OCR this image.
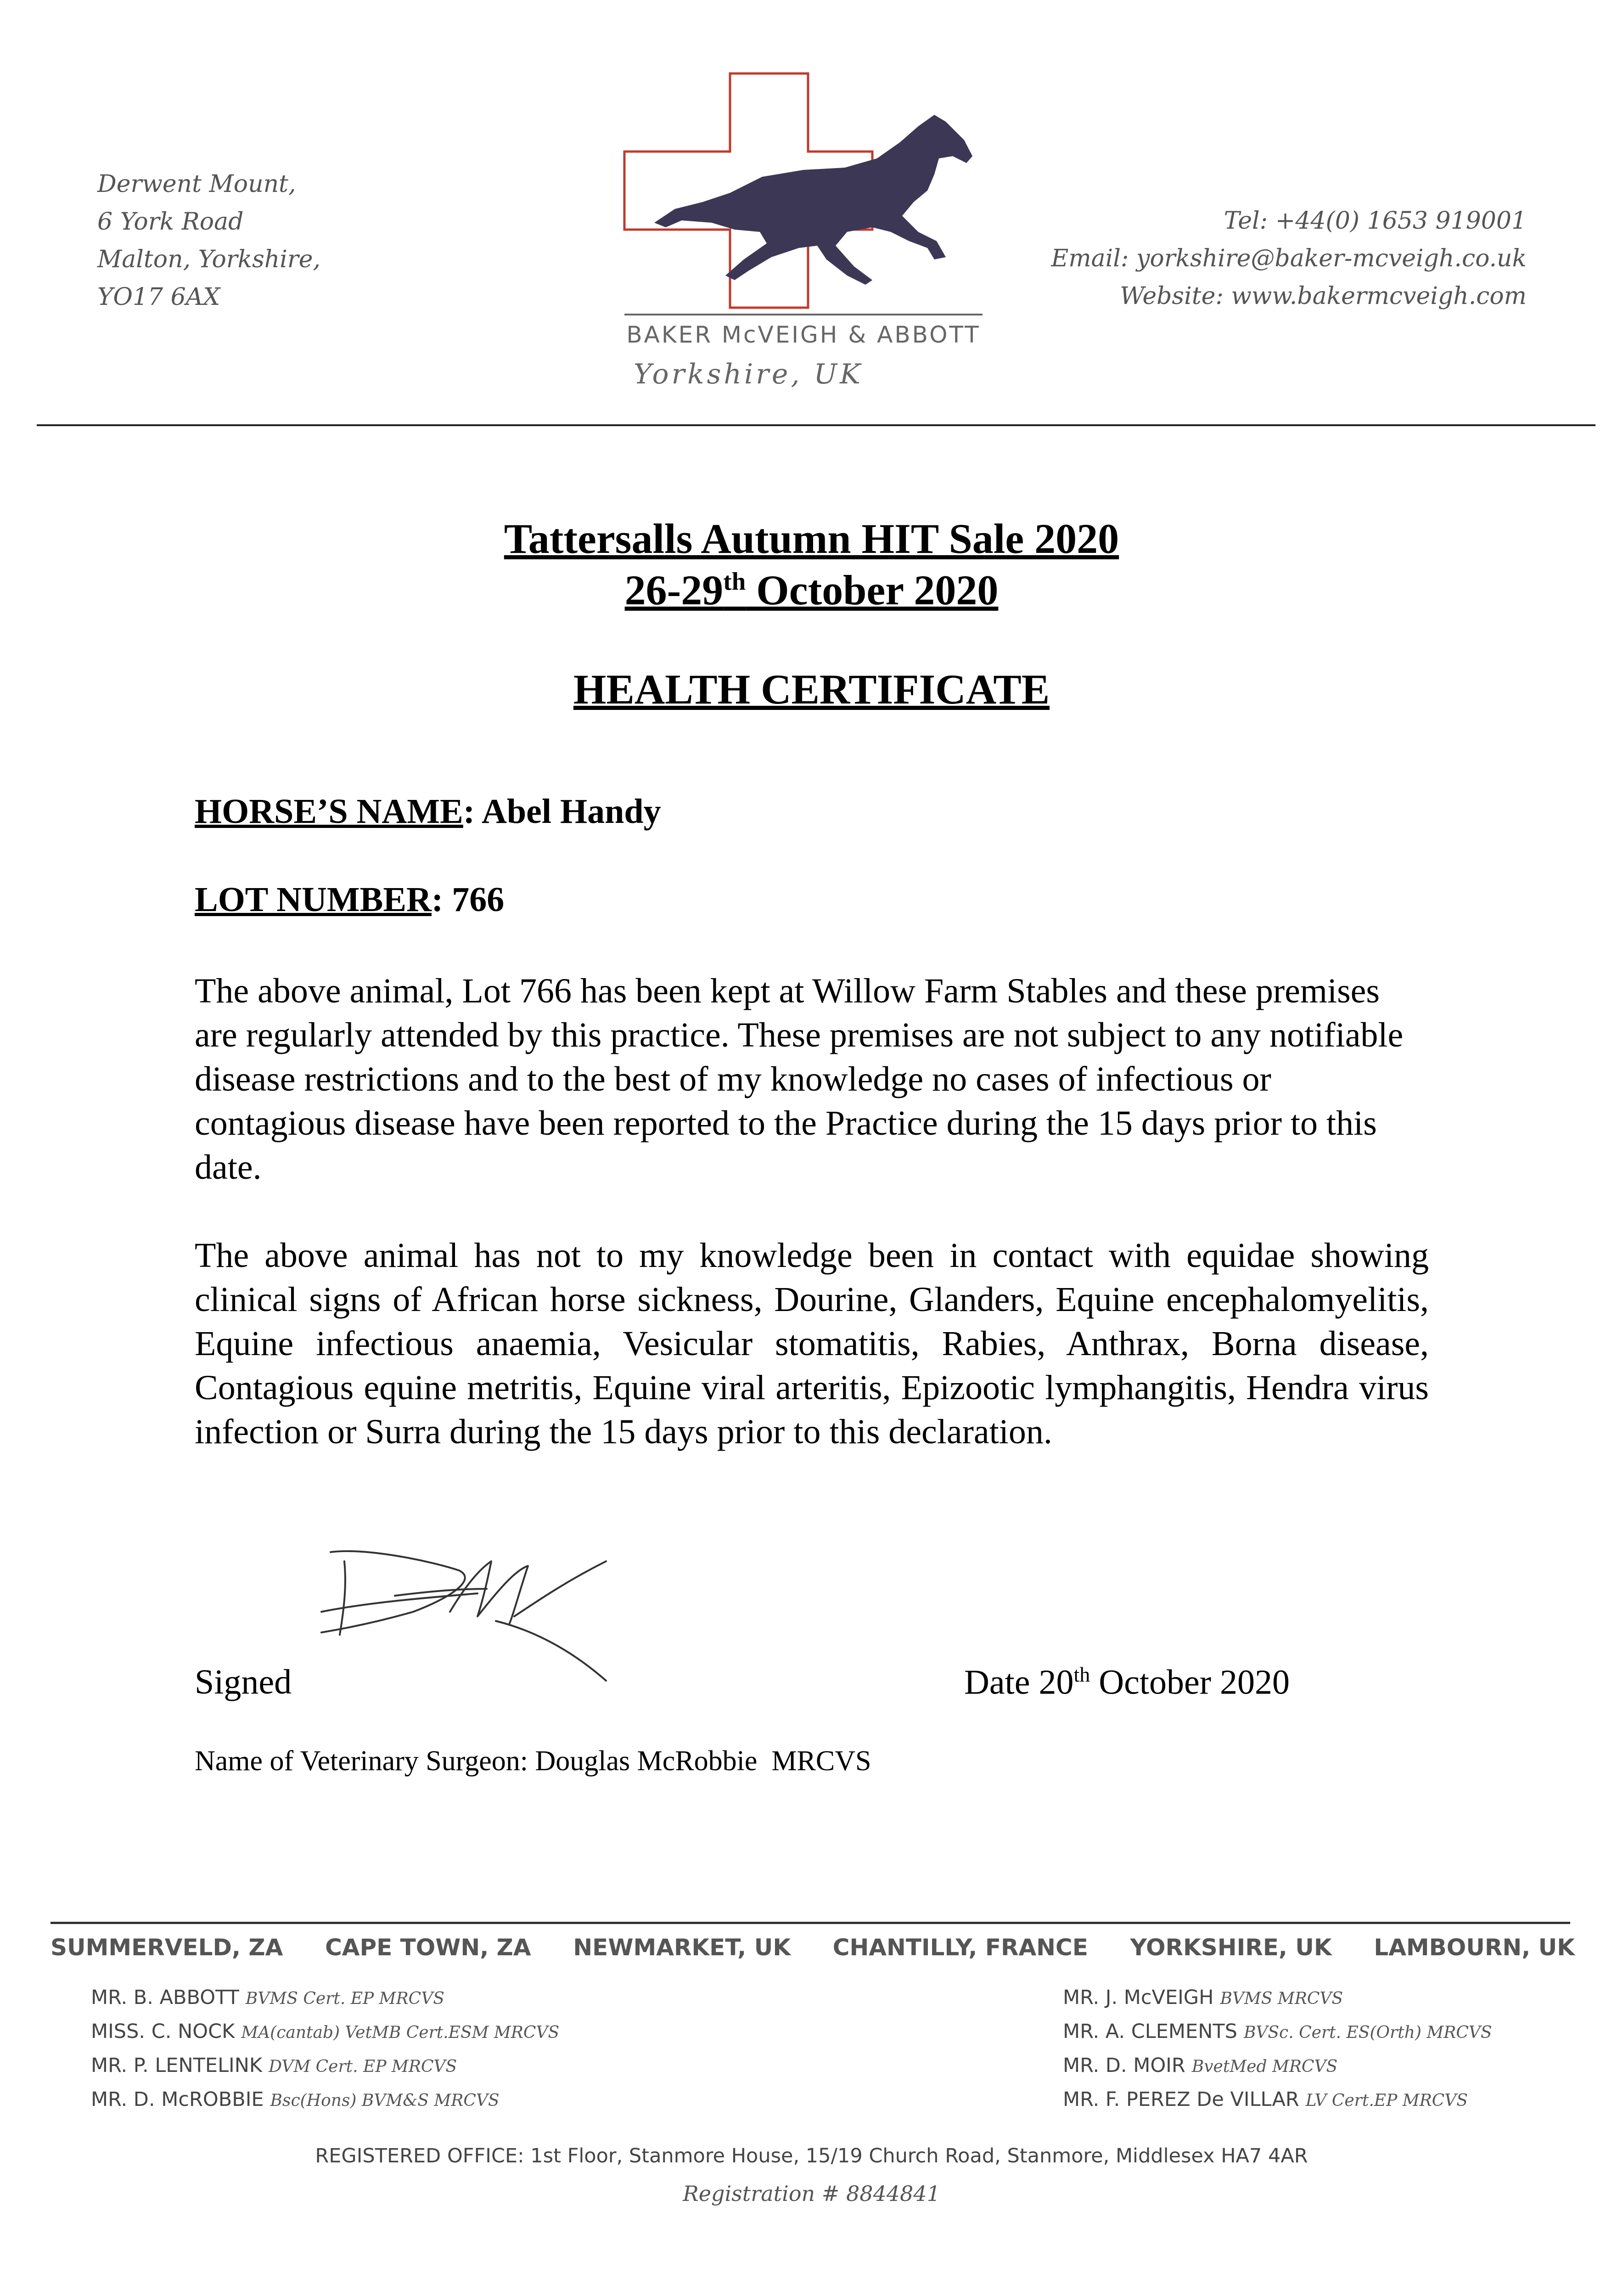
Derwent Mount,
6 York Road
Malton, Yorkshire,
YO17 6AX
BAKER McVEIGH & ABBOTT
Yorkshire, UK
Tel: +44(0) 1653 919001
Email: yorkshire@baker-mcveigh.co.uk
Website: www.bakermcveigh.com
Tattersalls Autumn HIT Sale 2020
26-29th October 2020
HEALTH CERTIFICATE
HORSE’S NAME: Abel Handy
LOT NUMBER: 766
The above animal, Lot 766 has been kept at Willow Farm Stables and these premises are regularly attended by this practice. These premises are not subject to any notifiable disease restrictions and to the best of my knowledge no cases of infectious or contagious disease have been reported to the Practice during the 15 days prior to this date.
The above animal has not to my knowledge been in contact with equidae showing clinical signs of African horse sickness, Dourine, Glanders, Equine encephalomyelitis, Equine infectious anaemia, Vesicular stomatitis, Rabies, Anthrax, Borna disease, Contagious equine metritis, Equine viral arteritis, Epizootic lymphangitis, Hendra virus infection or Surra during the 15 days prior to this declaration.
Signed	Date 20th October 2020
Name of Veterinary Surgeon: Douglas McRobbie  MRCVS
SUMMERVELD, ZA CAPE TOWN, ZA NEWMARKET, UK CHANTILLY, FRANCE YORKSHIRE, UK LAMBOURN, UK
MR. B. ABBOTT BVMS Cert. EP MRCVS
MISS. C. NOCK MA(cantab) VetMB Cert.ESM MRCVS
MR. P. LENTELINK DVM Cert. EP MRCVS
MR. D. McROBBIE Bsc(Hons) BVM&S MRCVS
MR. J. McVEIGH BVMS MRCVS
MR. A. CLEMENTS BVSc. Cert. ES(Orth) MRCVS
MR. D. MOIR BvetMed MRCVS
MR. F. PEREZ De VILLAR LV Cert.EP MRCVS
REGISTERED OFFICE: 1st Floor, Stanmore House, 15/19 Church Road, Stanmore, Middlesex HA7 4AR
Registration # 8844841
